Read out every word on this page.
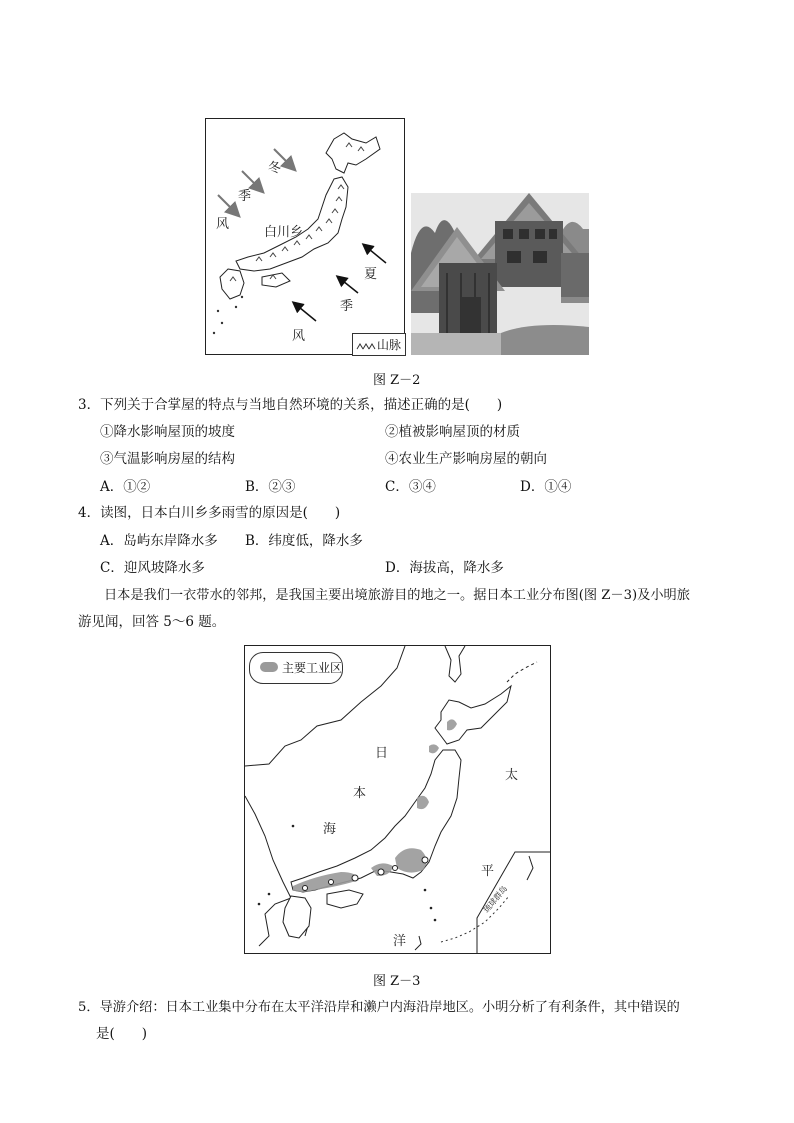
冬
季
风
白川乡
夏
季
风
山脉
图 Z－2
3．下列关于合掌屋的特点与当地自然环境的关系，描述正确的是(　　)
①降水影响屋顶的坡度	②植被影响屋顶的材质
③气温影响房屋的结构	④农业生产影响房屋的朝向
A．①②	B．②③	C．③④	D．①④
4．读图，日本白川乡多雨雪的原因是(　　)
A．岛屿东岸降水多 B．纬度低，降水多
C．迎风坡降水多	D．海拔高，降水多
日本是我们一衣带水的邻邦，是我国主要出境旅游目的地之一。据日本工业分布图(图 Z－3)及小明旅
游见闻，回答 5～6 题。
主要工业区
日
本
海
太
平
洋
琉球群岛
图 Z－3
5．导游介绍：日本工业集中分布在太平洋沿岸和濑户内海沿岸地区。小明分析了有利条件，其中错误的
是(　　)
